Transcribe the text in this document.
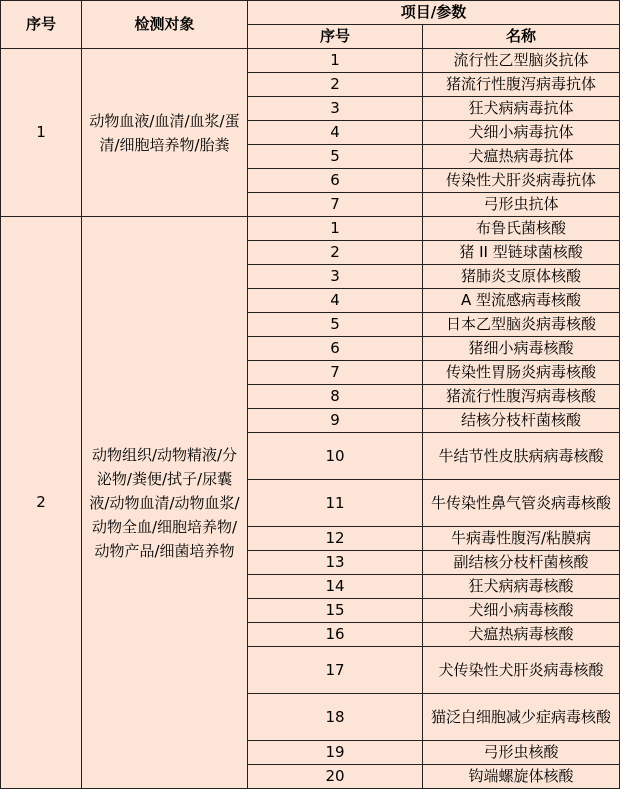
序号	检测对象	项目/参数	
		序号	名称
1	动物血液/血清/血浆/蛋清/细胞培养物/胎粪	1	流行性乙型脑炎抗体
		2	猪流行性腹泻病毒抗体
		3	狂犬病病毒抗体
		4	犬细小病毒抗体
		5	犬瘟热病毒抗体
		6	传染性犬肝炎病毒抗体
		7	弓形虫抗体
2	动物组织/动物精液/分泌物/粪便/拭子/尿囊液/动物血清/动物血浆/动物全血/细胞培养物/动物产品/细菌培养物	1	布鲁氏菌核酸
		2	猪 II 型链球菌核酸
		3	猪肺炎支原体核酸
		4	A 型流感病毒核酸
		5	日本乙型脑炎病毒核酸
		6	猪细小病毒核酸
		7	传染性胃肠炎病毒核酸
		8	猪流行性腹泻病毒核酸
		9	结核分枝杆菌核酸
		10	牛结节性皮肤病病毒核酸
		11	牛传染性鼻气管炎病毒核酸
		12	牛病毒性腹泻/粘膜病
		13	副结核分枝杆菌核酸
		14	狂犬病病毒核酸
		15	犬细小病毒核酸
		16	犬瘟热病毒核酸
		17	犬传染性犬肝炎病毒核酸
		18	猫泛白细胞减少症病毒核酸
		19	弓形虫核酸
		20	钩端螺旋体核酸
